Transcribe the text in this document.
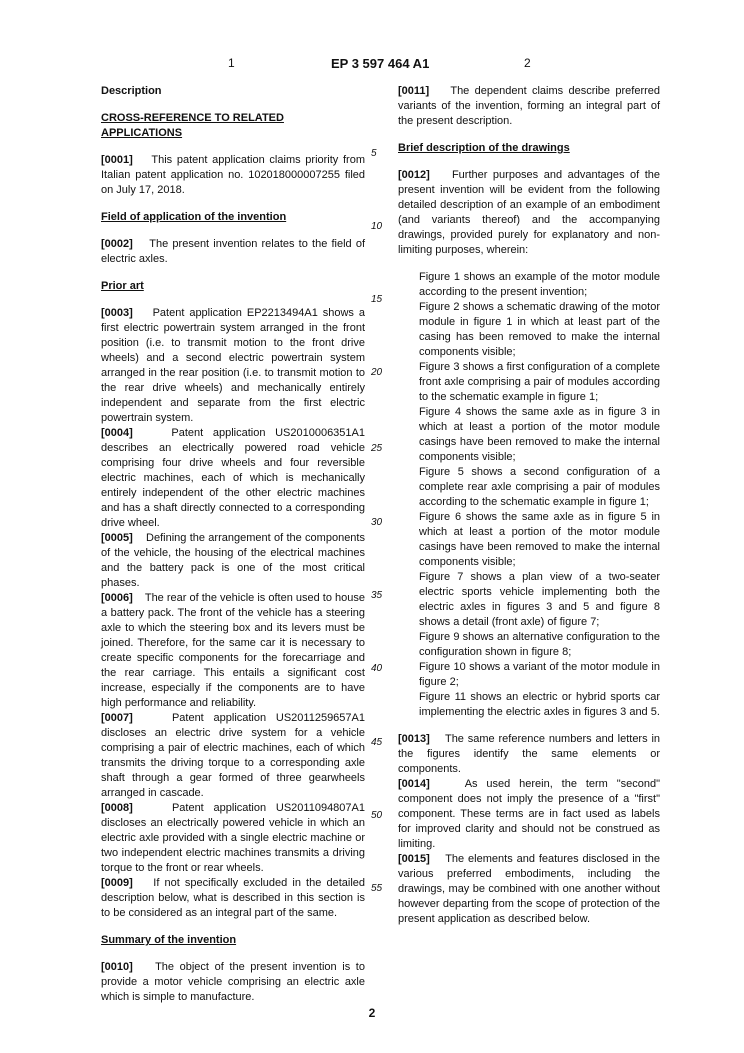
1	EP 3 597 464 A1	2
5
10
15
20
25
30
35
40
45
50
55
Description
CROSS-REFERENCE TO RELATED APPLICATIONS

[0001] This patent application claims priority from Italian patent application no. 102018000007255 filed on July 17, 2018.

Field of application of the invention

[0002] The present invention relates to the field of electric axles.

Prior art

[0003] Patent application EP2213494A1 shows a first electric powertrain system arranged in the front position (i.e. to transmit motion to the front drive wheels) and a second electric powertrain system arranged in the rear position (i.e. to transmit motion to the rear drive wheels) and mechanically entirely independent and separate from the first electric powertrain system.

[0004]	Patent application US2010006351A1 describes an electrically powered road vehicle comprising four drive wheels and four reversible electric machines, each of which is mechanically entirely independent of the other electric machines and has a shaft directly connected to a corresponding drive wheel.

[0005] Defining the arrangement of the components of the vehicle, the housing of the electrical machines and the battery pack is one of the most critical phases.

[0006] The rear of the vehicle is often used to house a battery pack. The front of the vehicle has a steering axle to which the steering box and its levers must be joined. Therefore, for the same car it is necessary to create specific components for the forecarriage and the rear carriage. This entails a significant cost increase, especially if the components are to have high performance and reliability.

[0007]	Patent application US2011259657A1 discloses an electric drive system for a vehicle comprising a pair of electric machines, each of which transmits the driving torque to a corresponding axle shaft through a gear formed of three gearwheels arranged in cascade.

[0008]	Patent application US2011094807A1 discloses an electrically powered vehicle in which an electric axle provided with a single electric machine or two independent electric machines transmits a driving torque to the front or rear wheels.

[0009] If not specifically excluded in the detailed description below, what is described in this section is to be considered as an integral part of the same.

Summary of the invention

[0010] The object of the present invention is to provide a motor vehicle comprising an electric axle which is simple to manufacture.

[0011] The dependent claims describe preferred variants of the invention, forming an integral part of the present description.

Brief description of the drawings

[0012] Further purposes and advantages of the present invention will be evident from the following detailed description of an example of an embodiment (and variants thereof) and the accompanying drawings, provided purely for explanatory and non-limiting purposes, wherein:

Figure 1 shows an example of the motor module according to the present invention;

Figure 2 shows a schematic drawing of the motor module in figure 1 in which at least part of the casing has been removed to make the internal components visible;

Figure 3 shows a first configuration of a complete front axle comprising a pair of modules according to the schematic example in figure 1;

Figure 4 shows the same axle as in figure 3 in which at least a portion of the motor module casings have been removed to make the internal components visible;

Figure 5 shows a second configuration of a complete rear axle comprising a pair of modules according to the schematic example in figure 1;

Figure 6 shows the same axle as in figure 5 in which at least a portion of the motor module casings have been removed to make the internal components visible;

Figure 7 shows a plan view of a two-seater electric sports vehicle implementing both the electric axles in figures 3 and 5 and figure 8 shows a detail (front axle) of figure 7;

Figure 9 shows an alternative configuration to the configuration shown in figure 8;

Figure 10 shows a variant of the motor module in figure 2;

Figure 11 shows an electric or hybrid sports car implementing the electric axles in figures 3 and 5.

[0013] The same reference numbers and letters in the figures identify the same elements or components.

[0014]	As used herein, the term "second" component does not imply the presence of a "first" component. These terms are in fact used as labels for improved clarity and should not be construed as limiting.

[0015] The elements and features disclosed in the various preferred embodiments, including the drawings, may be combined with one another without however departing from the scope of protection of the present application as described below.

2
